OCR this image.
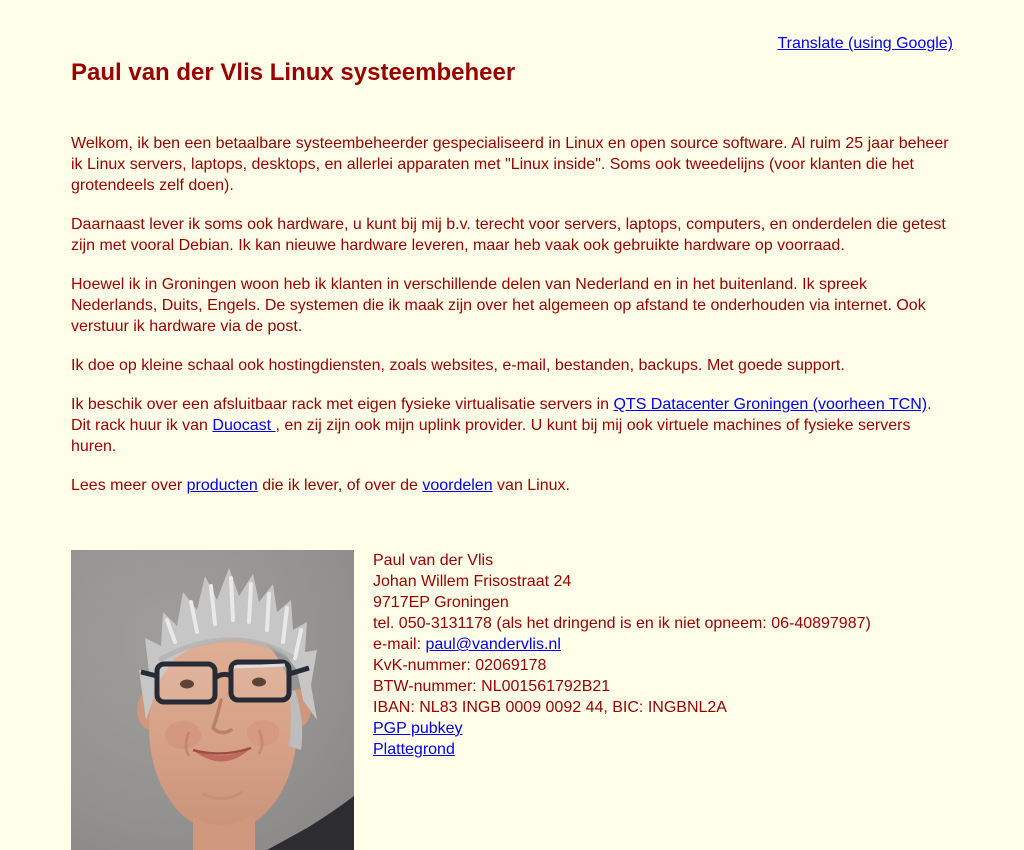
Translate (using Google)
Paul van der Vlis Linux systeembeheer

Welkom, ik ben een betaalbare systeembeheerder gespecialiseerd in Linux en open source software. Al ruim 25 jaar beheer ik Linux servers, laptops, desktops, en allerlei apparaten met "Linux inside". Soms ook tweedelijns (voor klanten die het grotendeels zelf doen).

Daarnaast lever ik soms ook hardware, u kunt bij mij b.v. terecht voor servers, laptops, computers, en onderdelen die getest zijn met vooral Debian. Ik kan nieuwe hardware leveren, maar heb vaak ook gebruikte hardware op voorraad.

Hoewel ik in Groningen woon heb ik klanten in verschillende delen van Nederland en in het buitenland. Ik spreek Nederlands, Duits, Engels. De systemen die ik maak zijn over het algemeen op afstand te onderhouden via internet. Ook verstuur ik hardware via de post.

Ik doe op kleine schaal ook hostingdiensten, zoals websites, e-mail, bestanden, backups. Met goede support.

Ik beschik over een afsluitbaar rack met eigen fysieke virtualisatie servers in QTS Datacenter Groningen (voorheen TCN). Dit rack huur ik van Duocast , en zij zijn ook mijn uplink provider. U kunt bij mij ook virtuele machines of fysieke servers huren.

Lees meer over producten die ik lever, of over de voordelen van Linux.

Paul van der Vlis
Johan Willem Frisostraat 24
9717EP Groningen
tel. 050-3131178 (als het dringend is en ik niet opneem: 06-40897987)
e-mail: paul@vandervlis.nl
KvK-nummer: 02069178
BTW-nummer: NL001561792B21
IBAN: NL83 INGB 0009 0092 44, BIC: INGBNL2A
PGP pubkey
Plattegrond
